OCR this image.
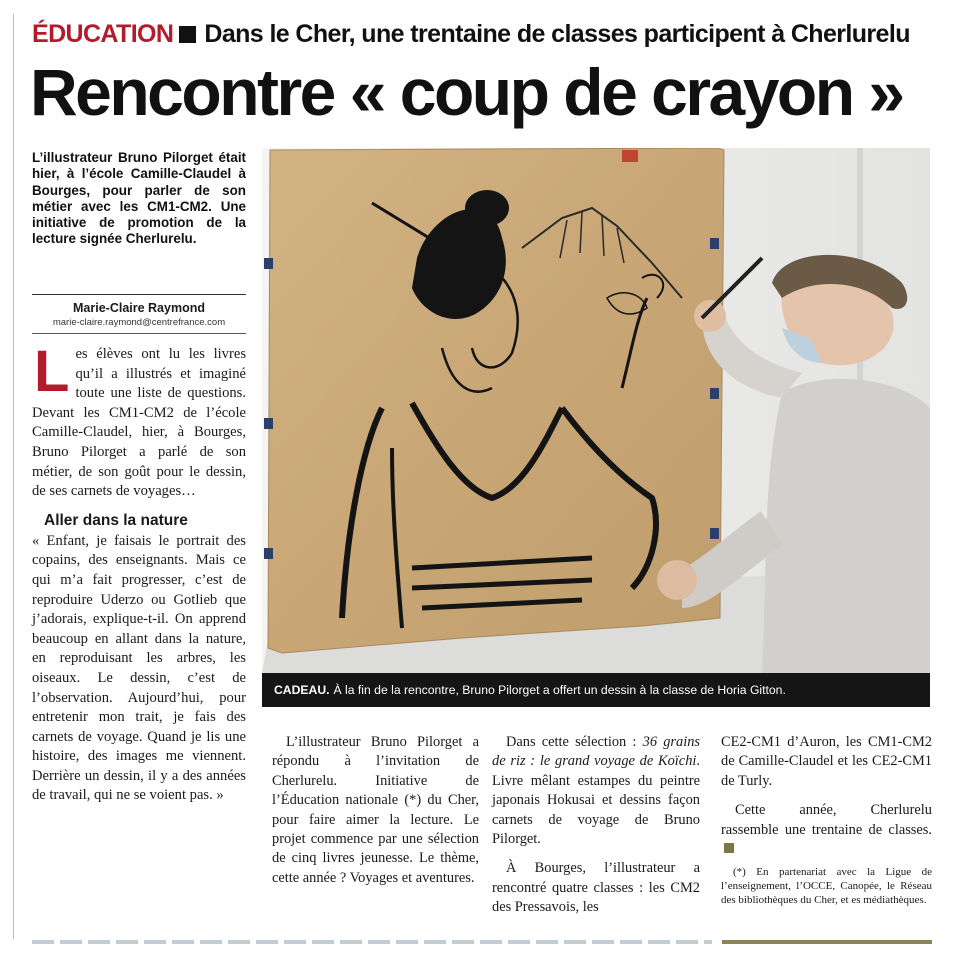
ÉDUCATION Dans le Cher, une trentaine de classes participent à Cherlurelu
Rencontre « coup de crayon »
L’illustrateur Bruno Pilorget était hier, à l’école Camille-Claudel à Bourges, pour parler de son métier avec les CM1-CM2. Une initiative de promotion de la lecture signée Cherlurelu.
Marie-Claire Raymond
marie-claire.raymond@centrefrance.com

Les élèves ont lu les livres qu’il a illustrés et imaginé toute une liste de questions. Devant les CM1-CM2 de l’école Camille-Claudel, hier, à Bourges, Bruno Pilorget a parlé de son métier, de son goût pour le dessin, de ses carnets de voyages…

Aller dans la nature

« Enfant, je faisais le portrait des copains, des enseignants. Mais ce qui m’a fait progresser, c’est de reproduire Uderzo ou Gotlieb que j’adorais, explique-t-il. On apprend beaucoup en allant dans la nature, en reproduisant les arbres, les oiseaux. Le dessin, c’est de l’observation. Aujourd’hui, pour entretenir mon trait, je fais des carnets de voyage. Quand je lis une histoire, des images me viennent. Derrière un dessin, il y a des années de travail, qui ne se voient pas. »

CADEAU. À la fin de la rencontre, Bruno Pilorget a offert un dessin à la classe de Horia Gitton.

L’illustrateur Bruno Pilorget a répondu à l’invitation de Cherlurelu. Initiative de l’Éducation nationale (*) du Cher, pour faire aimer la lecture. Le projet commence par une sélection de cinq livres jeunesse. Le thème, cette année ? Voyages et aventures.

Dans cette sélection : 36 grains de riz : le grand voyage de Koïchi. Livre mêlant estampes du peintre japonais Hokusai et dessins façon carnets de voyage de Bruno Pilorget.

À Bourges, l’illustrateur a rencontré quatre classes : les CM2 des Pressavois, les

CE2-CM1 d’Auron, les CM1-CM2 de Camille-Claudel et les CE2-CM1 de Turly.

Cette année, Cherlurelu rassemble une trentaine de classes.

(*) En partenariat avec la Ligue de l’enseignement, l’OCCE, Canopée, le Réseau des bibliothèques du Cher, et es médiathèques.
